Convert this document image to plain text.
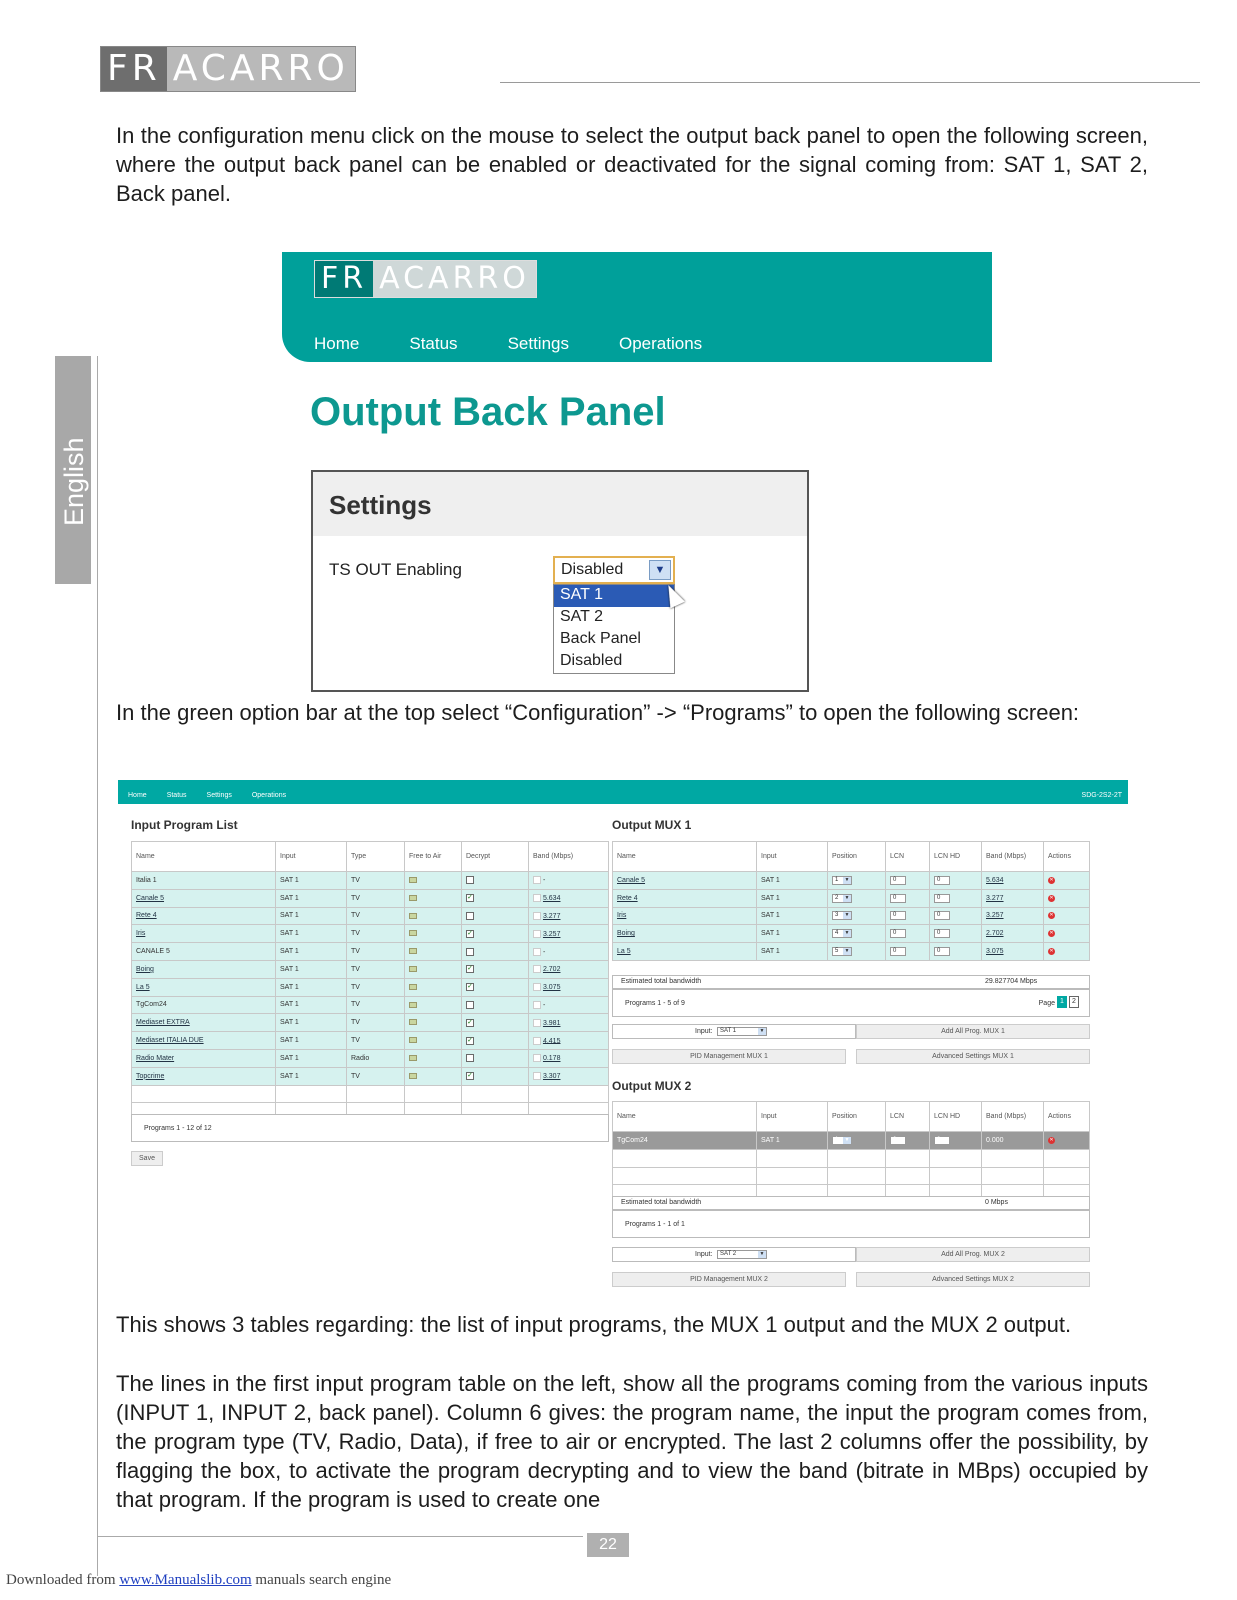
FR ACARRO
English

In the configuration menu click on the mouse to select the output back panel to open the following screen, where the output back panel can be enabled or deactivated for the signal coming from: SAT 1, SAT 2, Back panel.

FR ACARRO
Home	Status	Settings	Operations
Output Back Panel
Settings
TS OUT Enabling	Disabled	▼
SAT 1
SAT 2
Back Panel
Disabled

In the green option bar at the top select “Configuration” -> “Programs” to open the following screen:

Home	Status	Settings	Operations	SDG-2S2-2T
Input Program List
Name	Input	Type	Free to Air	Decrypt	Band (Mbps)
Italia 1	SAT 1	TV			-
Canale 5	SAT 1	TV		✓	5.634
Rete 4	SAT 1	TV			3.277
Iris	SAT 1	TV		✓	3.257
CANALE 5	SAT 1	TV			-
Boing	SAT 1	TV		✓	2.702
La 5	SAT 1	TV		✓	3.075
TgCom24	SAT 1	TV			-
Mediaset EXTRA	SAT 1	TV		✓	3.981
Mediaset ITALIA DUE	SAT 1	TV		✓	4.415
Radio Mater	SAT 1	Radio			0.178
Topcrime	SAT 1	TV		✓	3.307

Programs 1 - 12 of 12
Save
Output MUX 1
Name	Input	Position	LCN	LCN HD	Band (Mbps)	Actions
Canale 5	SAT 1	1 ▼	0	0	5.634	✕
Rete 4	SAT 1	2 ▼	0	0	3.277	✕
Iris	SAT 1	3 ▼	0	0	3.257	✕
Boing	SAT 1	4 ▼	0	0	2.702	✕
La 5	SAT 1	5 ▼	0	0	3.075	✕
Estimated total bandwidth	29.827704 Mbps
Programs 1 - 5 of 9	Page 1	2
Input:	SAT 1	▼	Add All Prog. MUX 1
PID Management MUX 1	Advanced Settings MUX 1
Output MUX 2
Name	Input	Position	LCN	LCN HD	Band (Mbps)	Actions
TgCom24	SAT 1	1 ▼	0	0	0.000	✕

Estimated total bandwidth	0 Mbps
Programs 1 - 1 of 1
Input:	SAT 2	▼	Add All Prog. MUX 2
PID Management MUX 2	Advanced Settings MUX 2

This shows 3 tables regarding: the list of input programs, the MUX 1 output and the MUX 2 output.

The lines in the first input program table on the left, show all the programs coming from the various inputs (INPUT 1, INPUT 2, back panel). Column 6 gives: the program name, the input the program comes from, the program type (TV, Radio, Data), if free to air or encrypted. The last 2 columns offer the possibility, by flagging the box, to activate the program decrypting and to view the band (bitrate in MBps) occupied by that program. If the program is used to create one

22
Downloaded from www.Manualslib.com manuals search engine
